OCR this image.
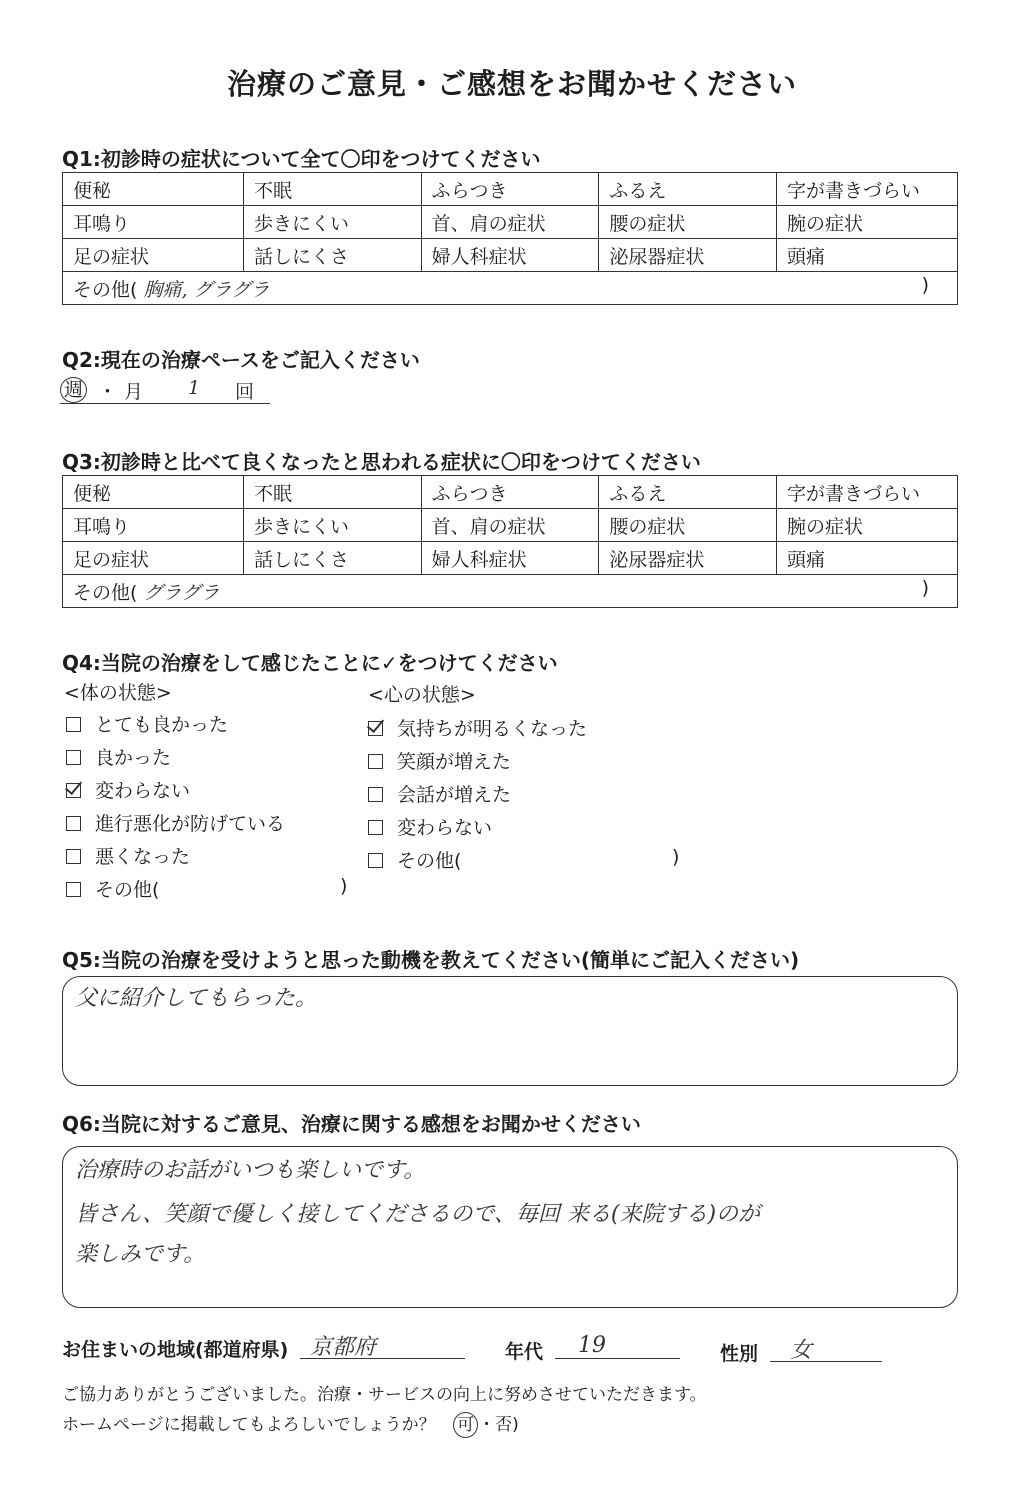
治療のご意見・ご感想をお聞かせください
Q1:初診時の症状について全て〇印をつけてください
便秘	不眠	ふらつき	ふるえ	字が書きづらい
耳鳴り	歩きにくい	首、肩の症状	腰の症状	腕の症状
足の症状	話しにくさ	婦人科症状	泌尿器症状	頭痛
その他( 胸痛, グラグラ )				
Q2:現在の治療ペースをご記入ください
週 ・ 月 1 回
Q3:初診時と比べて良くなったと思われる症状に〇印をつけてください
便秘	不眠	ふらつき	ふるえ	字が書きづらい
耳鳴り	歩きにくい	首、肩の症状	腰の症状	腕の症状
足の症状	話しにくさ	婦人科症状	泌尿器症状	頭痛
その他( グラグラ )				
Q4:当院の治療をして感じたことに✓をつけてください
<体の状態>	<心の状態>
とても良かった
良かった
変わらない
進行悪化が防げている
悪くなった
その他(	)
気持ちが明るくなった
笑顔が増えた
会話が増えた
変わらない
その他(	)
Q5:当院の治療を受けようと思った動機を教えてください(簡単にご記入ください)
父に紹介してもらった。
Q6:当院に対するご意見、治療に関する感想をお聞かせください
治療時のお話がいつも楽しいです。
皆さん、笑顔で優しく接してくださるので、毎回 来る(来院する)のが
楽しみです。
お住まいの地域(都道府県) 京都府	年代 19	性別 女
ご協力ありがとうございました。治療・サービスの向上に努めさせていただきます。
ホームページに掲載してもよろしいでしょうか？ 可 ・否)
